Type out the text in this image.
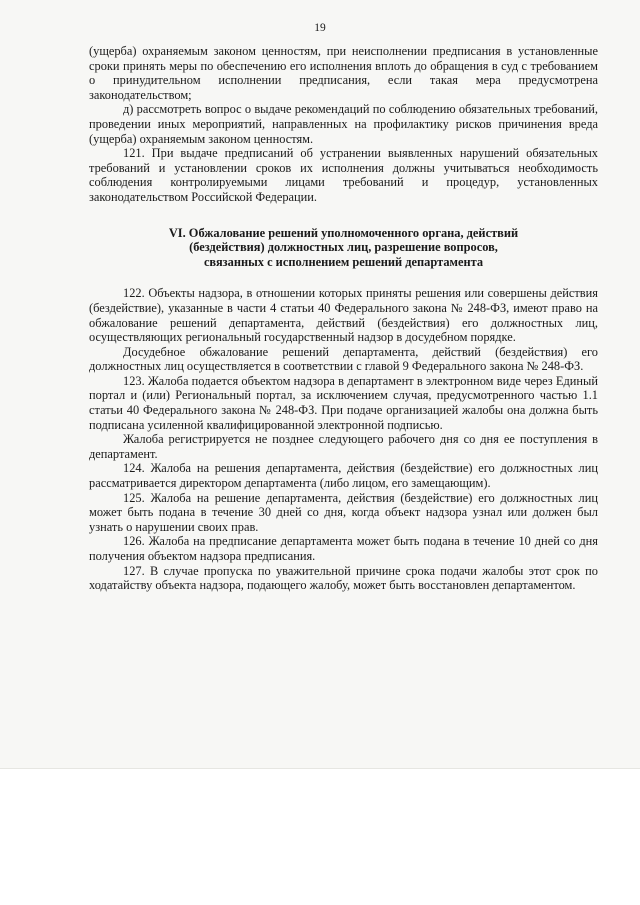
19

(ущерба) охраняемым законом ценностям, при неисполнении предписания в установленные сроки принять меры по обеспечению его исполнения вплоть до обращения в суд с требованием о принудительном исполнении предписания, если такая мера предусмотрена законодательством;

д) рассмотреть вопрос о выдаче рекомендаций по соблюдению обязательных требований, проведении иных мероприятий, направленных на профилактику рисков причинения вреда (ущерба) охраняемым законом ценностям.

121. При выдаче предписаний об устранении выявленных нарушений обязательных требований и установлении сроков их исполнения должны учитываться необходимость соблюдения контролируемыми лицами требований и процедур, установленных законодательством Российской Федерации.

VI. Обжалование решений уполномоченного органа, действий
(бездействия) должностных лиц, разрешение вопросов,
связанных с исполнением решений департамента

122. Объекты надзора, в отношении которых приняты решения или совершены действия (бездействие), указанные в части 4 статьи 40 Федерального закона № 248-ФЗ, имеют право на обжалование решений департамента, действий (бездействия) его должностных лиц, осуществляющих региональный государственный надзор в досудебном порядке.

Досудебное обжалование решений департамента, действий (бездействия) его должностных лиц осуществляется в соответствии с главой 9 Федерального закона № 248-ФЗ.

123. Жалоба подается объектом надзора в департамент в электронном виде через Единый портал и (или) Региональный портал, за исключением случая, предусмотренного частью 1.1 статьи 40 Федерального закона № 248-ФЗ. При подаче организацией жалобы она должна быть подписана усиленной квалифицированной электронной подписью.

Жалоба регистрируется не позднее следующего рабочего дня со дня ее поступления в департамент.

124. Жалоба на решения департамента, действия (бездействие) его должностных лиц рассматривается директором департамента (либо лицом, его замещающим).

125. Жалоба на решение департамента, действия (бездействие) его должностных лиц может быть подана в течение 30 дней со дня, когда объект надзора узнал или должен был узнать о нарушении своих прав.

126. Жалоба на предписание департамента может быть подана в течение 10 дней со дня получения объектом надзора предписания.

127. В случае пропуска по уважительной причине срока подачи жалобы этот срок по ходатайству объекта надзора, подающего жалобу, может быть восстановлен департаментом.
